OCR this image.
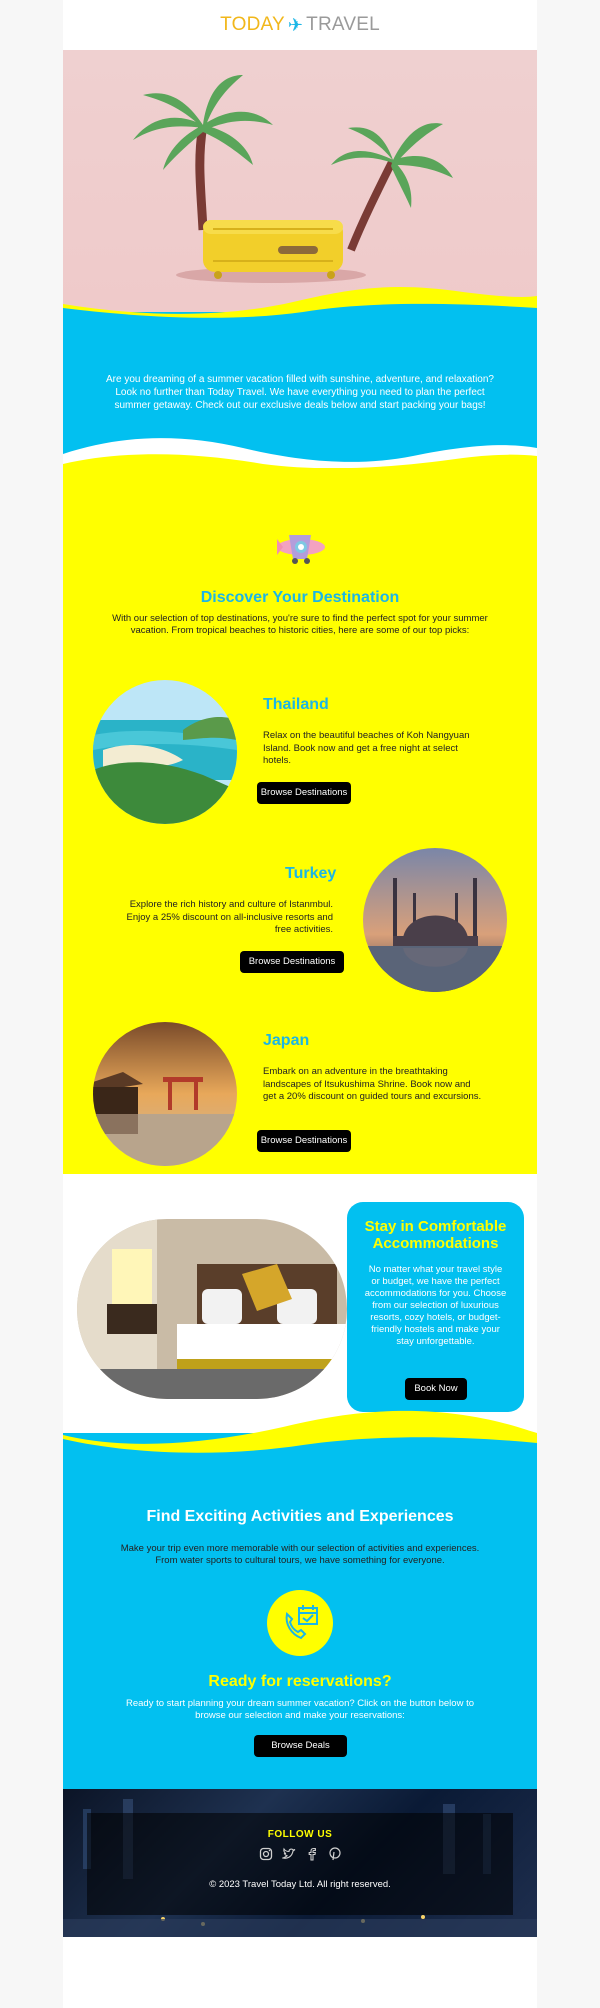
TODAY ✈ TRAVEL
Are you dreaming of a summer vacation filled with sunshine, adventure, and relaxation? Look no further than Today Travel. We have everything you need to plan the perfect summer getaway. Check out our exclusive deals below and start packing your bags!
Discover Your Destination
With our selection of top destinations, you're sure to find the perfect spot for your summer vacation. From tropical beaches to historic cities, here are some of our top picks:
Thailand
Relax on the beautiful beaches of Koh Nangyuan Island. Book now and get a free night at select hotels.
Browse Destinations
Turkey
Explore the rich history and culture of Istanmbul. Enjoy a 25% discount on all-inclusive resorts and free activities.
Browse Destinations
Japan
Embark on an adventure in the breathtaking landscapes of Itsukushima Shrine. Book now and get a 20% discount on guided tours and excursions.
Browse Destinations
Stay in Comfortable Accommodations
No matter what your travel style or budget, we have the perfect accommodations for you. Choose from our selection of luxurious resorts, cozy hotels, or budget-friendly hostels and make your stay unforgettable.
Book Now
Find Exciting Activities and Experiences
Make your trip even more memorable with our selection of activities and experiences. From water sports to cultural tours, we have something for everyone.
Ready for reservations?
Ready to start planning your dream summer vacation? Click on the button below to browse our selection and make your reservations:
Browse Deals
FOLLOW US
© 2023 Travel Today Ltd. All right reserved.
